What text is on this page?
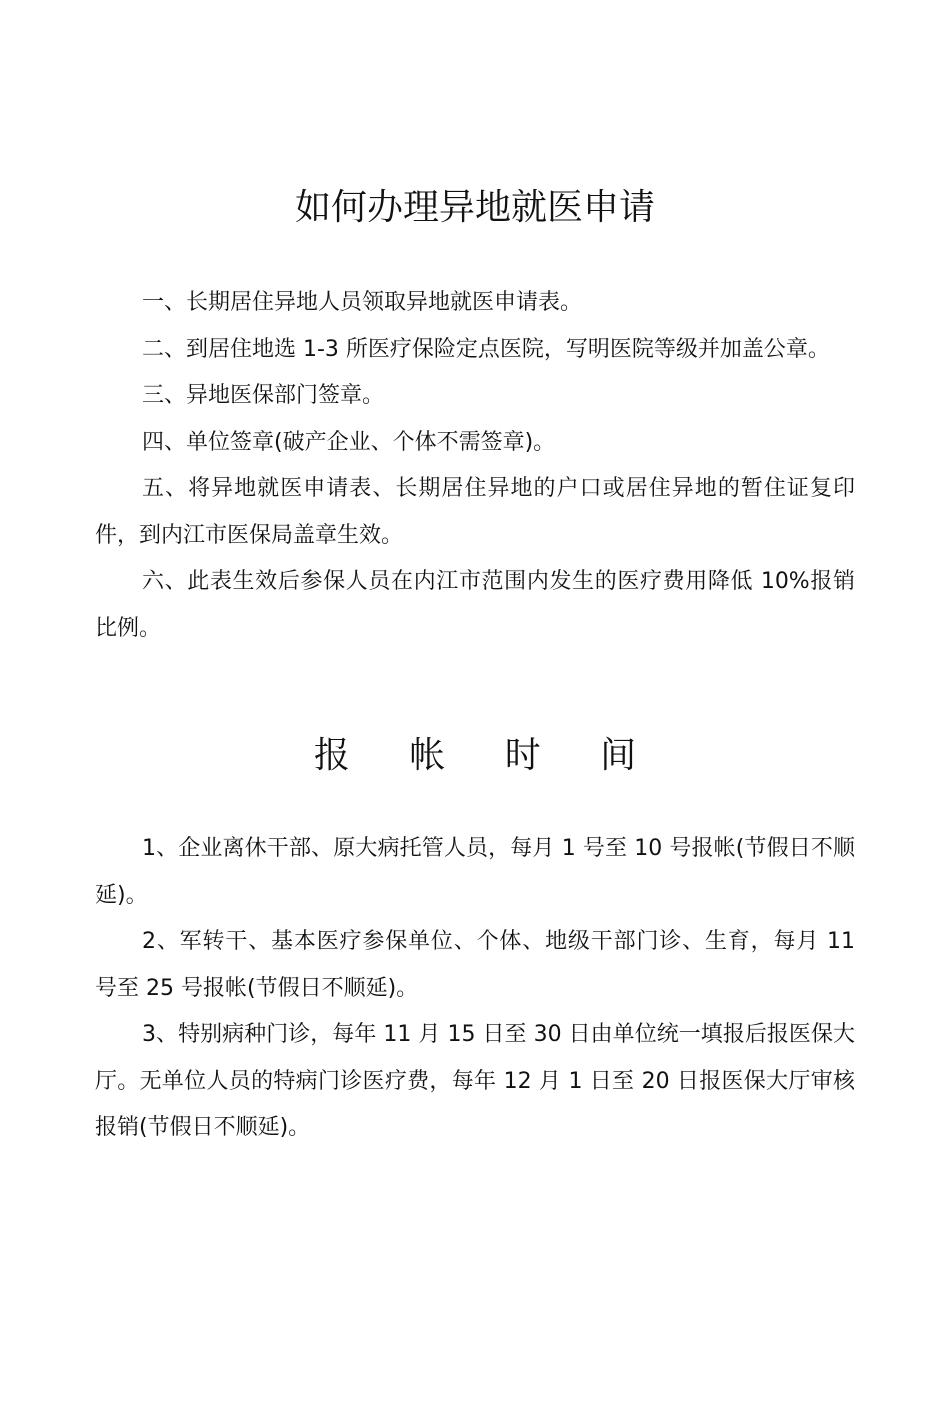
如何办理异地就医申请

一、长期居住异地人员领取异地就医申请表。

二、到居住地选 1-3 所医疗保险定点医院，写明医院等级并加盖公章。

三、异地医保部门签章。

四、单位签章(破产企业、个体不需签章)。

五、将异地就医申请表、长期居住异地的户口或居住异地的暂住证复印件，到内江市医保局盖章生效。

六、此表生效后参保人员在内江市范围内发生的医疗费用降低 10%报销比例。

报 帐 时 间

1、企业离休干部、原大病托管人员，每月 1 号至 10 号报帐(节假日不顺延)。

2、军转干、基本医疗参保单位、个体、地级干部门诊、生育，每月 11 号至 25 号报帐(节假日不顺延)。

3、特别病种门诊，每年 11 月 15 日至 30 日由单位统一填报后报医保大厅。无单位人员的特病门诊医疗费，每年 12 月 1 日至 20 日报医保大厅审核报销(节假日不顺延)。
